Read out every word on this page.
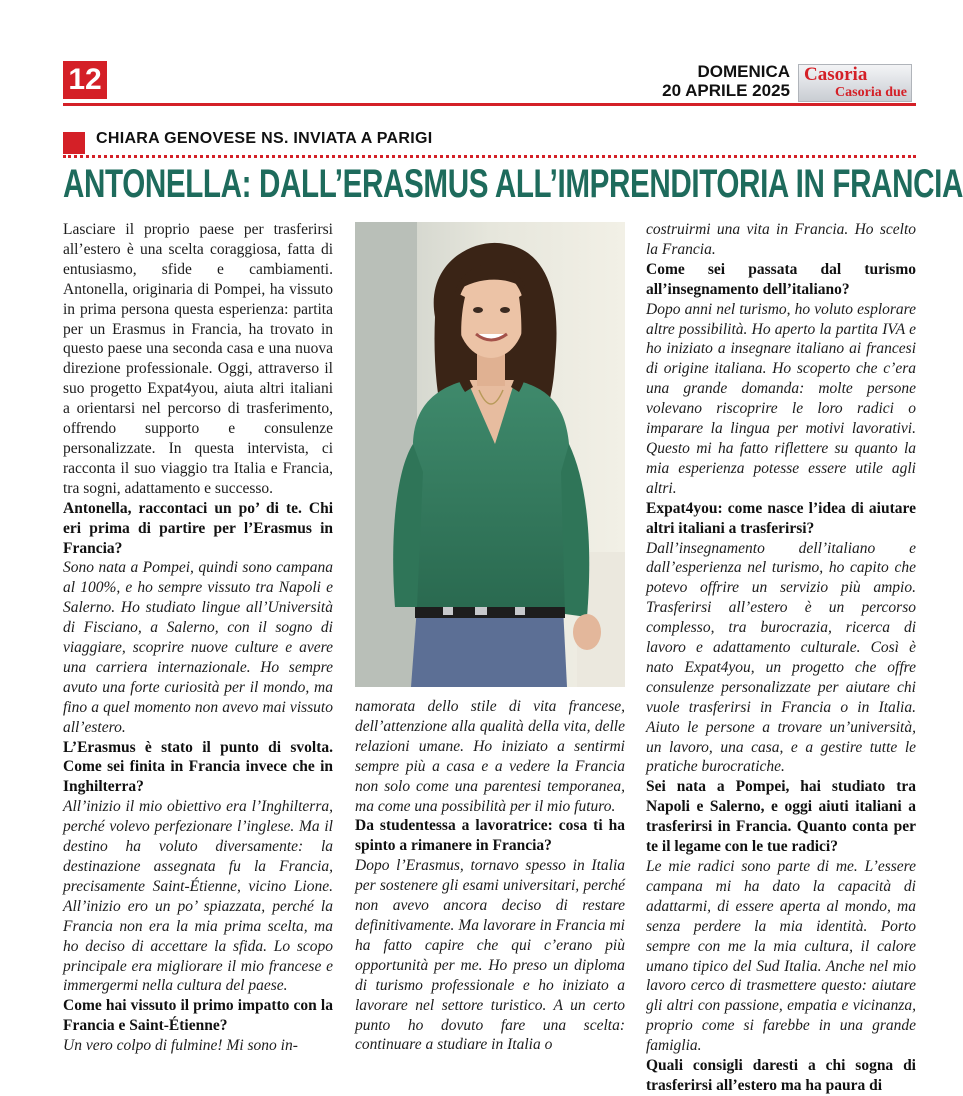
12	DOMENICA
20 APRILE 2025
Casoria
Casoria due
CHIARA GENOVESE NS. INVIATA A PARIGI
ANTONELLA: DALL’ERASMUS ALL’IMPRENDITORIA IN FRANCIA

Lasciare il proprio paese per trasferirsi all’estero è una scelta coraggiosa, fatta di entusiasmo, sfide e cambiamenti. Antonella, originaria di Pompei, ha vissuto in prima persona questa esperienza: partita per un Erasmus in Francia, ha trovato in questo paese una seconda casa e una nuova direzione professionale. Oggi, attraverso il suo progetto Expat4you, aiuta altri italiani a orientarsi nel percorso di trasferimento, offrendo supporto e consulenze personalizzate. In questa intervista, ci racconta il suo viaggio tra Italia e Francia, tra sogni, adattamento e successo.

Antonella, raccontaci un po’ di te. Chi eri prima di partire per l’Erasmus in Francia?

Sono nata a Pompei, quindi sono campana al 100%, e ho sempre vissuto tra Napoli e Salerno. Ho studiato lingue all’Università di Fisciano, a Salerno, con il sogno di viaggiare, scoprire nuove culture e avere una carriera internazionale. Ho sempre avuto una forte curiosità per il mondo, ma fino a quel momento non avevo mai vissuto all’estero.

L’Erasmus è stato il punto di svolta. Come sei finita in Francia invece che in Inghilterra?

All’inizio il mio obiettivo era l’Inghilterra, perché volevo perfezionare l’inglese. Ma il destino ha voluto diversamente: la destinazione assegnata fu la Francia, precisamente Saint-Étienne, vicino Lione. All’inizio ero un po’ spiazzata, perché la Francia non era la mia prima scelta, ma ho deciso di accettare la sfida. Lo scopo principale era migliorare il mio francese e immergermi nella cultura del paese.

Come hai vissuto il primo impatto con la Francia e Saint-Étienne?

Un vero colpo di fulmine! Mi sono in-

namorata dello stile di vita francese, dell’attenzione alla qualità della vita, delle relazioni umane. Ho iniziato a sentirmi sempre più a casa e a vedere la Francia non solo come una parentesi temporanea, ma come una possibilità per il mio futuro.

Da studentessa a lavoratrice: cosa ti ha spinto a rimanere in Francia?

Dopo l’Erasmus, tornavo spesso in Italia per sostenere gli esami universitari, perché non avevo ancora deciso di restare definitivamente. Ma lavorare in Francia mi ha fatto capire che qui c’erano più opportunità per me. Ho preso un diploma di turismo professionale e ho iniziato a lavorare nel settore turistico. A un certo punto ho dovuto fare una scelta: continuare a studiare in Italia o

costruirmi una vita in Francia. Ho scelto la Francia.

Come sei passata dal turismo all’insegnamento dell’italiano?

Dopo anni nel turismo, ho voluto esplorare altre possibilità. Ho aperto la partita IVA e ho iniziato a insegnare italiano ai francesi di origine italiana. Ho scoperto che c’era una grande domanda: molte persone volevano riscoprire le loro radici o imparare la lingua per motivi lavorativi. Questo mi ha fatto riflettere su quanto la mia esperienza potesse essere utile agli altri.

Expat4you: come nasce l’idea di aiutare altri italiani a trasferirsi?

Dall’insegnamento dell’italiano e dall’esperienza nel turismo, ho capito che potevo offrire un servizio più ampio. Trasferirsi all’estero è un percorso complesso, tra burocrazia, ricerca di lavoro e adattamento culturale. Così è nato Expat4you, un progetto che offre consulenze personalizzate per aiutare chi vuole trasferirsi in Francia o in Italia. Aiuto le persone a trovare un’università, un lavoro, una casa, e a gestire tutte le pratiche burocratiche.

Sei nata a Pompei, hai studiato tra Napoli e Salerno, e oggi aiuti italiani a trasferirsi in Francia. Quanto conta per te il legame con le tue radici?

Le mie radici sono parte di me. L’essere campana mi ha dato la capacità di adattarmi, di essere aperta al mondo, ma senza perdere la mia identità. Porto sempre con me la mia cultura, il calore umano tipico del Sud Italia. Anche nel mio lavoro cerco di trasmettere questo: aiutare gli altri con passione, empatia e vicinanza, proprio come si farebbe in una grande famiglia.

Quali consigli daresti a chi sogna di trasferirsi all’estero ma ha paura di
